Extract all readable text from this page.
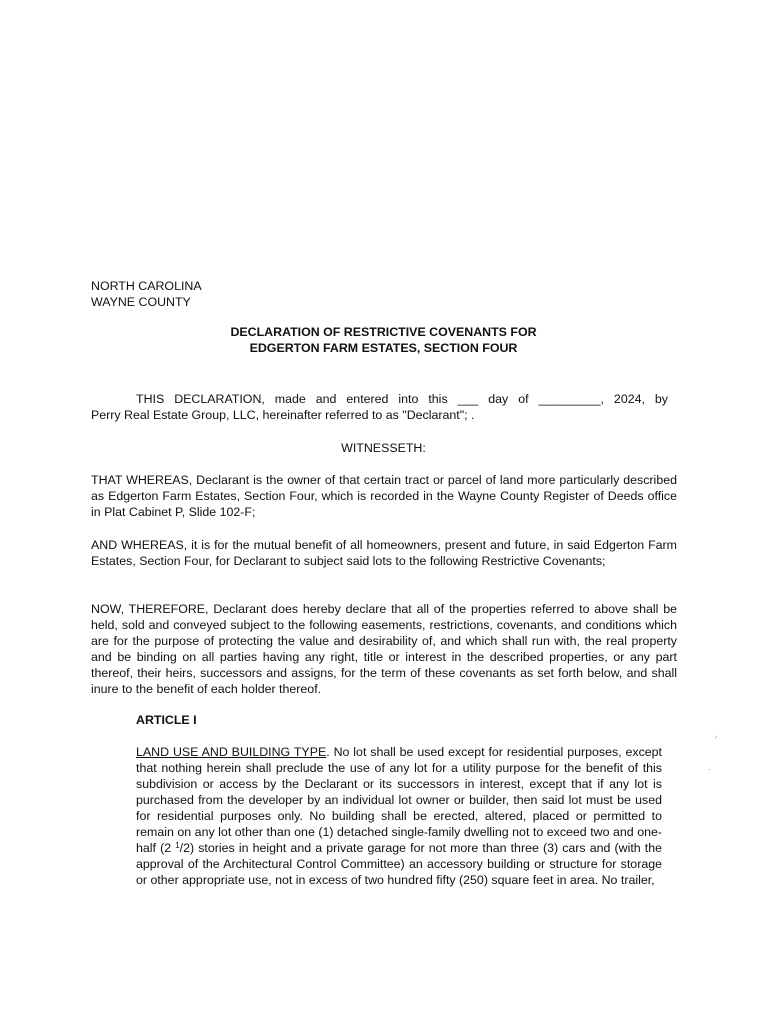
NORTH CAROLINA
WAYNE COUNTY
DECLARATION OF RESTRICTIVE COVENANTS FOR
EDGERTON FARM ESTATES, SECTION FOUR
THIS DECLARATION, made and entered into this ___ day of _________, 2024, by
Perry Real Estate Group, LLC, hereinafter referred to as "Declarant"; .
WITNESSETH:
THAT WHEREAS, Declarant is the owner of that certain tract or parcel of land more particularly described as Edgerton Farm Estates, Section Four, which is recorded in the Wayne County Register of Deeds office in Plat Cabinet P, Slide 102-F;
AND WHEREAS, it is for the mutual benefit of all homeowners, present and future, in said Edgerton Farm Estates, Section Four, for Declarant to subject said lots to the following Restrictive Covenants;
NOW, THEREFORE, Declarant does hereby declare that all of the properties referred to above shall be held, sold and conveyed subject to the following easements, restrictions, covenants, and conditions which are for the purpose of protecting the value and desirability of, and which shall run with, the real property and be binding on all parties having any right, title or interest in the described properties, or any part thereof, their heirs, successors and assigns, for the term of these covenants as set forth below, and shall inure to the benefit of each holder thereof.
ARTICLE I
LAND USE AND BUILDING TYPE. No lot shall be used except for residential purposes, except that nothing herein shall preclude the use of any lot for a utility purpose for the benefit of this subdivision or access by the Declarant or its successors in interest, except that if any lot is purchased from the developer by an individual lot owner or builder, then said lot must be used for residential purposes only. No building shall be erected, altered, placed or permitted to remain on any lot other than one (1) detached single-family dwelling not to exceed two and one-half (2 $^1$/2) stories in height and a private garage for not more than three (3) cars and (with the approval of the Architectural Control Committee) an accessory building or structure for storage or other appropriate use, not in excess of two hundred fifty (250) square feet in area. No trailer,
⸝
·
